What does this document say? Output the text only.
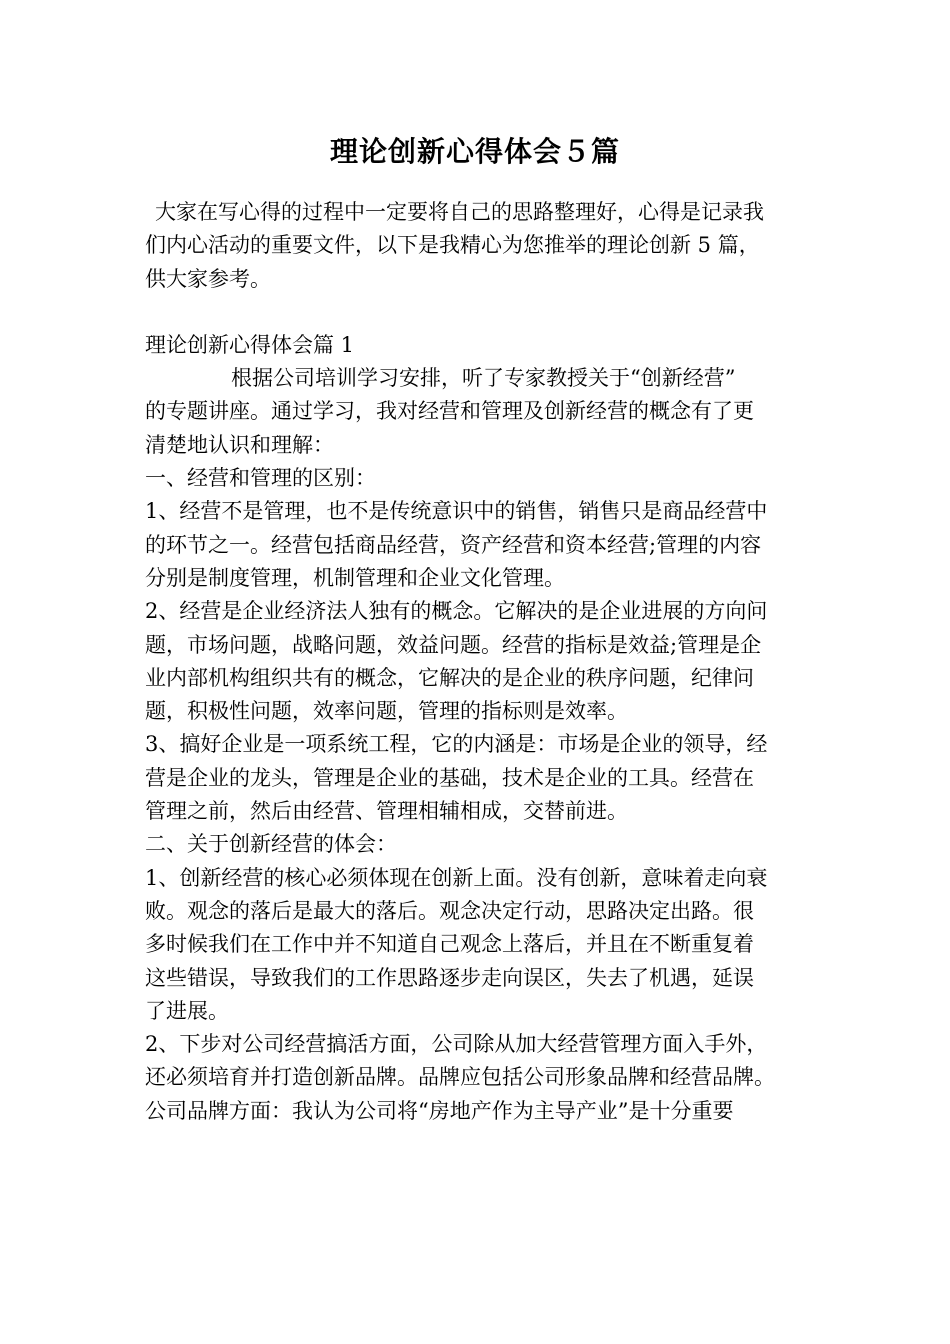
理论创新心得体会５篇

大家在写心得的过程中一定要将自己的思路整理好，心得是记录我

们内心活动的重要文件，以下是我精心为您推举的理论创新 5 篇，

供大家参考。

理论创新心得体会篇 1

根据公司培训学习安排，听了专家教授关于“创新经营”

的专题讲座。通过学习，我对经营和管理及创新经营的概念有了更

清楚地认识和理解：

一、经营和管理的区别：

1、经营不是管理，也不是传统意识中的销售，销售只是商品经营中

的环节之一。经营包括商品经营，资产经营和资本经营;管理的内容

分别是制度管理，机制管理和企业文化管理。

2、经营是企业经济法人独有的概念。它解决的是企业进展的方向问

题，市场问题，战略问题，效益问题。经营的指标是效益;管理是企

业内部机构组织共有的概念，它解决的是企业的秩序问题，纪律问

题，积极性问题，效率问题，管理的指标则是效率。

3、搞好企业是一项系统工程，它的内涵是：市场是企业的领导，经

营是企业的龙头，管理是企业的基础，技术是企业的工具。经营在

管理之前，然后由经营、管理相辅相成，交替前进。

二、关于创新经营的体会：

1、创新经营的核心必须体现在创新上面。没有创新，意味着走向衰

败。观念的落后是最大的落后。观念决定行动，思路决定出路。很

多时候我们在工作中并不知道自己观念上落后，并且在不断重复着

这些错误，导致我们的工作思路逐步走向误区，失去了机遇，延误

了进展。

2、下步对公司经营搞活方面，公司除从加大经营管理方面入手外，

还必须培育并打造创新品牌。品牌应包括公司形象品牌和经营品牌。

公司品牌方面：我认为公司将“房地产作为主导产业”是十分重要
